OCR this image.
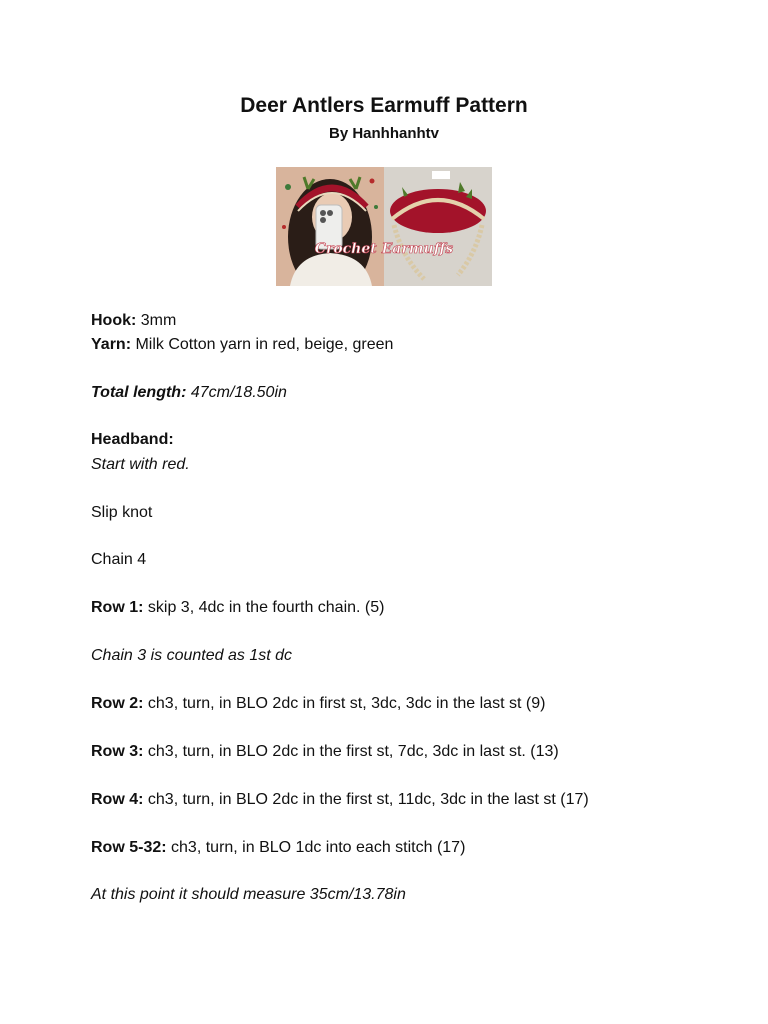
Deer Antlers Earmuff Pattern
By Hanhhanhtv
Crochet Earmuffs
Hook: 3mm
Yarn: Milk Cotton yarn in red, beige, green
Total length: 47cm/18.50in
Headband:
Start with red.
Slip knot
Chain 4
Row 1: skip 3, 4dc in the fourth chain. (5)
Chain 3 is counted as 1st dc
Row 2: ch3, turn, in BLO 2dc in first st, 3dc, 3dc in the last st (9)
Row 3: ch3, turn, in BLO 2dc in the first st, 7dc, 3dc in last st. (13)
Row 4: ch3, turn, in BLO 2dc in the first st, 11dc, 3dc in the last st (17)
Row 5-32: ch3, turn, in BLO 1dc into each stitch (17)
At this point it should measure 35cm/13.78in
